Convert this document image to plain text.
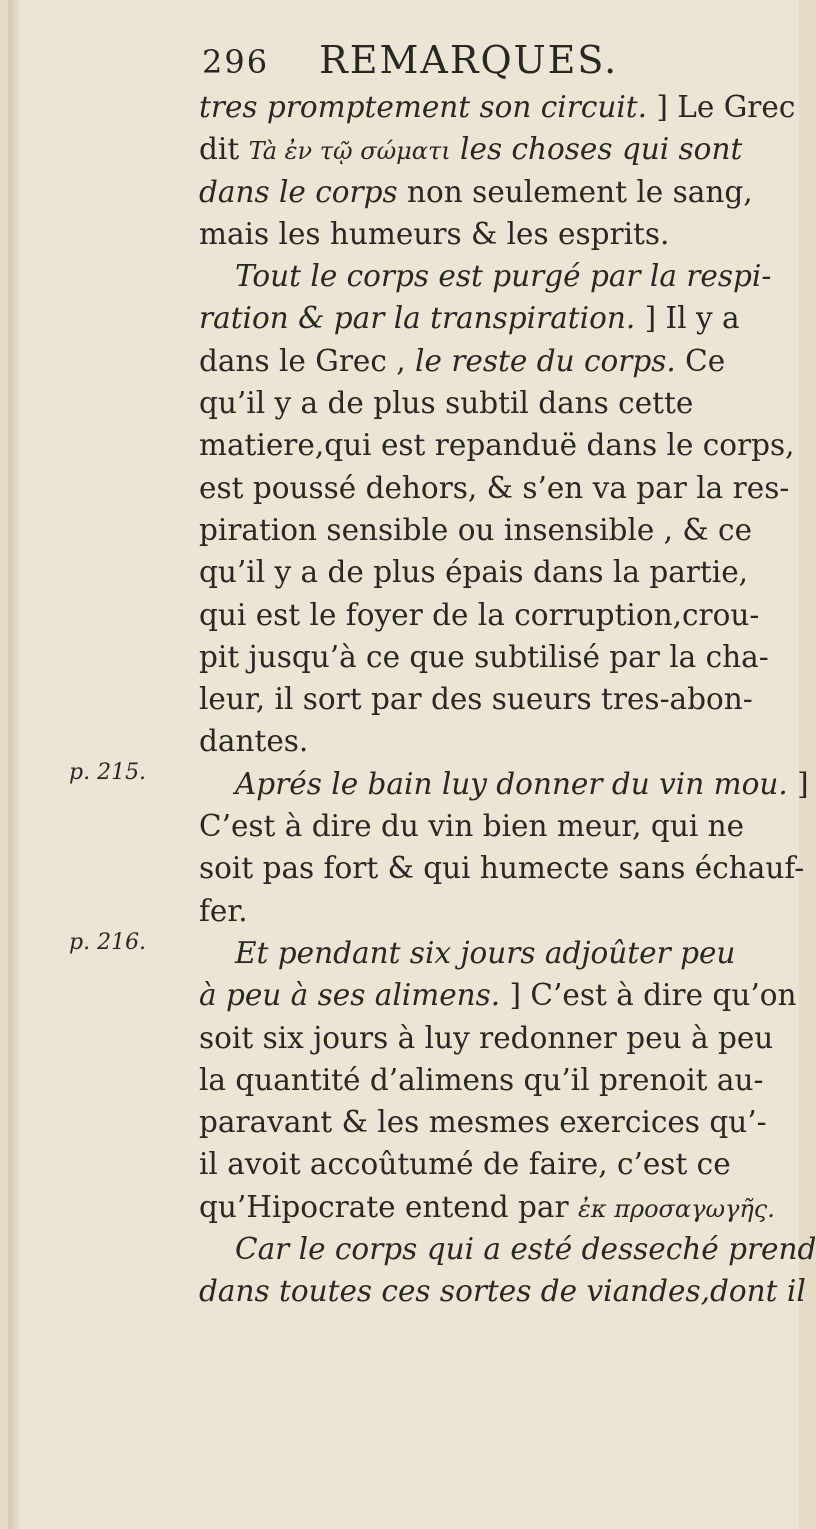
296 REMARQUES.
p. 215.
p. 216.
tres promptement son circuit. ] Le Grec
dit Tà ἐν τῷ σώματι les choses qui sont
dans le corps non seulement le sang,
mais les humeurs & les esprits.
Tout le corps est purgé par la respi-
ration & par la transpiration. ] Il y a
dans le Grec , le reste du corps. Ce
qu’il y a de plus subtil dans cette
matiere,qui est repanduë dans le corps,
est poussé dehors, & s’en va par la res-
piration sensible ou insensible , & ce
qu’il y a de plus épais dans la partie,
qui est le foyer de la corruption,crou-
pit jusqu’à ce que subtilisé par la cha-
leur, il sort par des sueurs tres-abon-
dantes.
Aprés le bain luy donner du vin mou. ]
C’est à dire du vin bien meur, qui ne
soit pas fort & qui humecte sans échauf-
fer.
Et pendant six jours adjoûter peu
à peu à ses alimens. ] C’est à dire qu’on
soit six jours à luy redonner peu à peu
la quantité d’alimens qu’il prenoit au-
paravant & les mesmes exercices qu’-
il avoit accoûtumé de faire, c’est ce
qu’Hipocrate entend par ἐκ προσαγωγῆς.
Car le corps qui a esté desseché prend
dans toutes ces sortes de viandes,dont il
